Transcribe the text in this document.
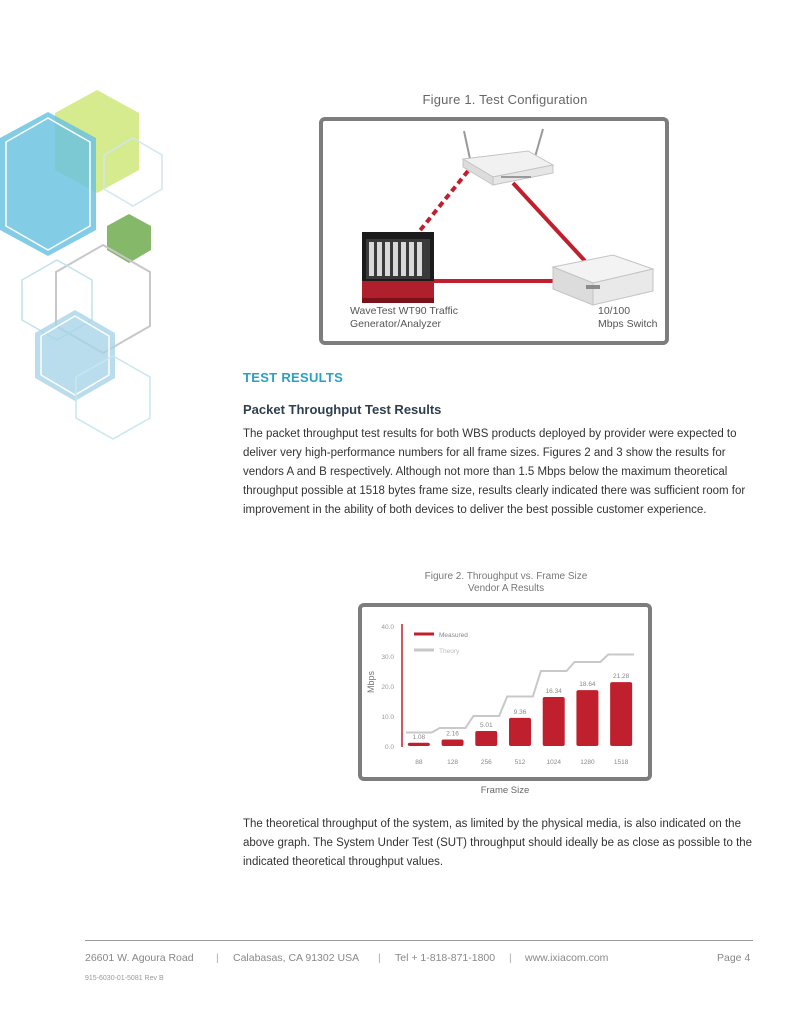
Figure 1. Test Configuration
WaveTest WT90 Traffic
Generator/Analyzer
10/100
Mbps Switch
TEST RESULTS
Packet Throughput Test Results

The packet throughput test results for both WBS products deployed by provider were expected to deliver very high-performance numbers for all frame sizes. Figures 2 and 3 show the results for vendors A and B respectively. Although not more than 1.5 Mbps below the maximum theoretical throughput possible at 1518 bytes frame size, results clearly indicated there was sufficient room for improvement in the ability of both devices to deliver the best possible customer experience.

Figure 2. Throughput vs. Frame Size
Vendor A Results
0.0
10.0
20.0
30.0
40.0
1.08
88
2.16
128
5.01
256
9.36
512
16.34
1024
18.64
1280
21.28
1518
Measured
Theory
Mbps
Frame Size

The theoretical throughput of the system, as limited by the physical media, is also indicated on the above graph. The System Under Test (SUT) throughput should ideally be as close as possible to the indicated theoretical throughput values.

26601 W. Agoura Road | Calabasas, CA 91302 USA | Tel + 1-818-871-1800 | www.ixiacom.com	Page 4
915-6030-01-5081 Rev B
